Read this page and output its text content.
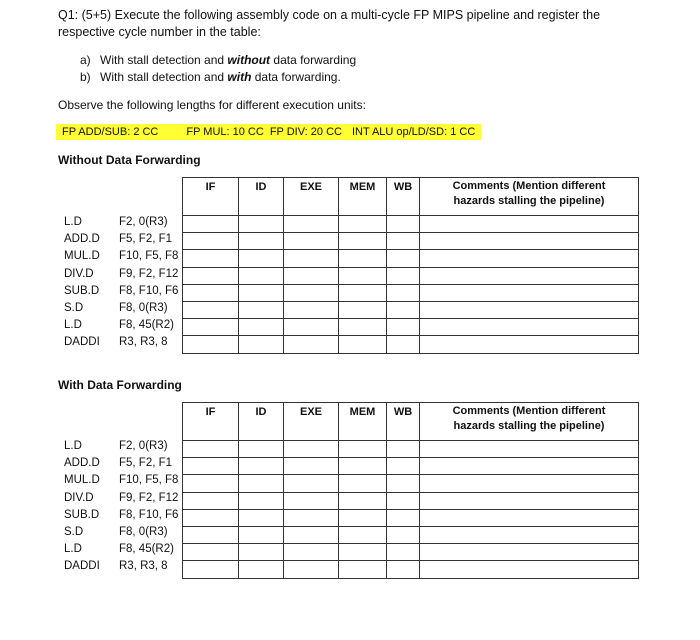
Q1: (5+5) Execute the following assembly code on a multi-cycle FP MIPS pipeline and register the
respective cycle number in the table:
a) With stall detection and without data forwarding
b) With stall detection and with data forwarding.
Observe the following lengths for different execution units:
FP ADD/SUB: 2 CC	FP MUL: 10 CC FP DIV: 20 CC INT ALU op/LD/SD: 1 CC
Without Data Forwarding
IF	ID	EXE	MEM	WB	Comments (Mention different
hazards stalling the pipeline)

L.D	F2, 0(R3)
ADD.D	F5, F2, F1
MUL.D	F10, F5, F8
DIV.D	F9, F2, F12
SUB.D	F8, F10, F6
S.D	F8, 0(R3)
L.D	F8, 45(R2)
DADDI	R3, R3, 8
With Data Forwarding
IF	ID	EXE	MEM	WB	Comments (Mention different
hazards stalling the pipeline)

L.D	F2, 0(R3)
ADD.D	F5, F2, F1
MUL.D	F10, F5, F8
DIV.D	F9, F2, F12
SUB.D	F8, F10, F6
S.D	F8, 0(R3)
L.D	F8, 45(R2)
DADDI	R3, R3, 8
